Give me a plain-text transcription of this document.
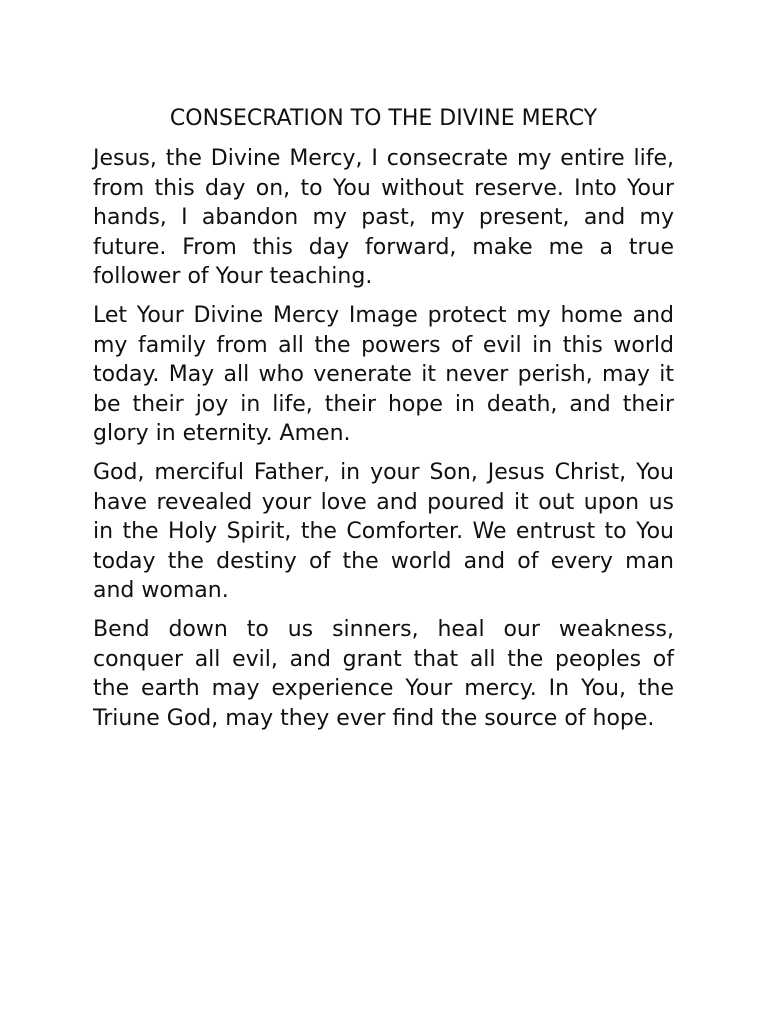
CONSECRATION TO THE DIVINE MERCY

Jesus, the Divine Mercy, I consecrate my entire life, from this day on, to You without reserve. Into Your hands, I abandon my past, my present, and my future. From this day forward, make me a true follower of Your teaching.

Let Your Divine Mercy Image protect my home and my family from all the powers of evil in this world today. May all who venerate it never perish, may it be their joy in life, their hope in death, and their glory in eternity. Amen.

God, merciful Father, in your Son, Jesus Christ, You have revealed your love and poured it out upon us in the Holy Spirit, the Comforter. We entrust to You today the destiny of the world and of every man and woman.

Bend down to us sinners, heal our weakness, conquer all evil, and grant that all the peoples of the earth may experience Your mercy. In You, the Triune God, may they ever find the source of hope.
